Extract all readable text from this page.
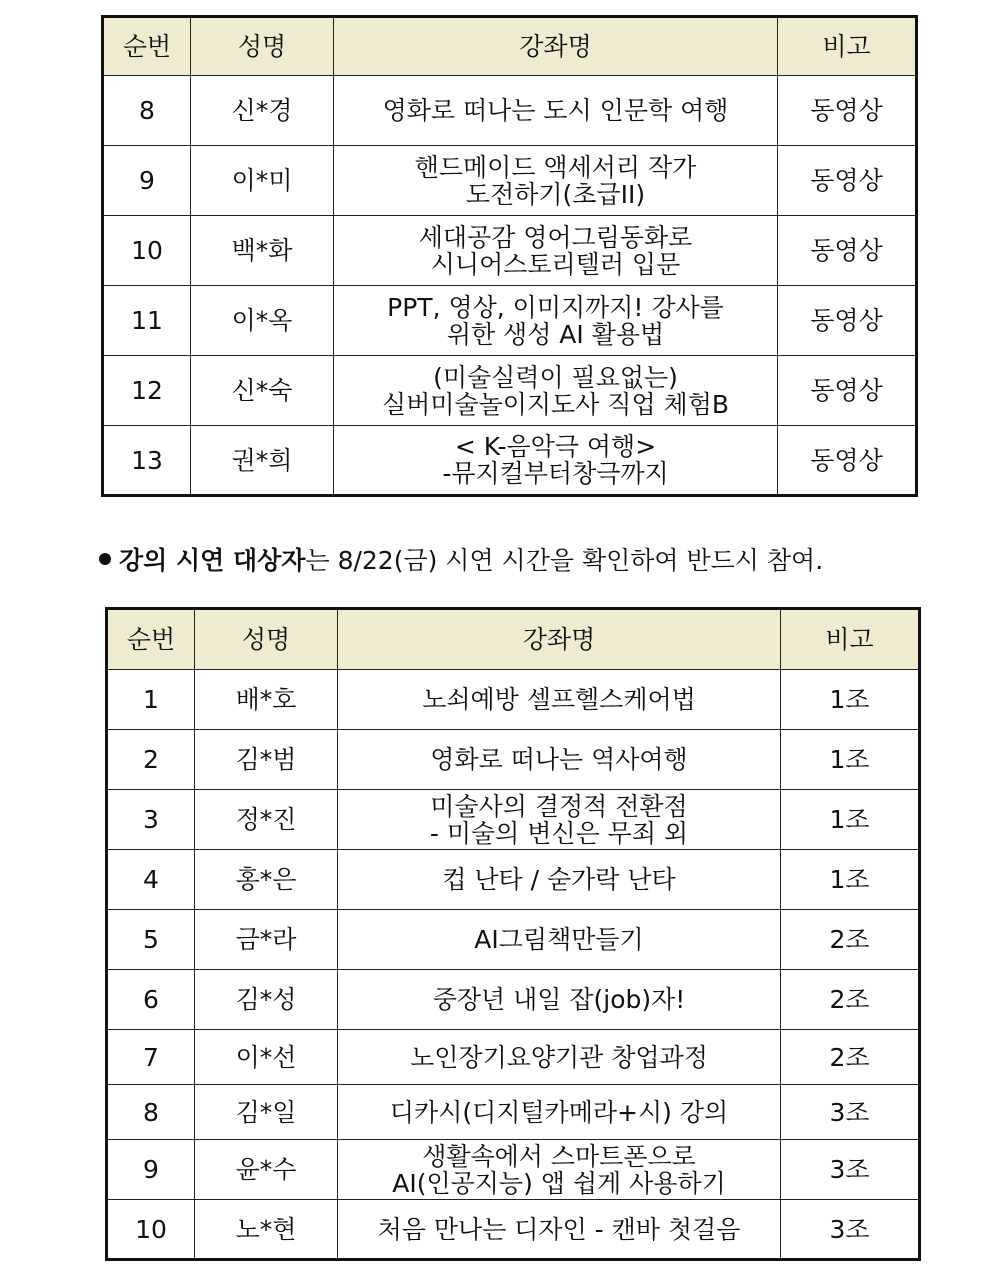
순번	성명	강좌명	비고
8	신*경	영화로 떠나는 도시 인문학 여행	동영상
9	이*미	핸드메이드 액세서리 작가
도전하기(초급II)	동영상
10	백*화	세대공감 영어그림동화로
시니어스토리텔러 입문	동영상
11	이*옥	PPT, 영상, 이미지까지! 강사를
위한 생성 AI 활용법	동영상
12	신*숙	(미술실력이 필요없는)
실버미술놀이지도사 직업 체험B	동영상
13	권*희	< K-음악극 여행>
-뮤지컬부터창극까지	동영상
강의 시연 대상자는 8/22(금) 시연 시간을 확인하여 반드시 참여.
순번	성명	강좌명	비고
1	배*호	노쇠예방 셀프헬스케어법	1조
2	김*범	영화로 떠나는 역사여행	1조
3	정*진	미술사의 결정적 전환점
- 미술의 변신은 무죄 외	1조
4	홍*은	컵 난타 / 숟가락 난타	1조
5	금*라	AI그림책만들기	2조
6	김*성	중장년 내일 잡(job)자!	2조
7	이*선	노인장기요양기관 창업과정	2조
8	김*일	디카시(디지털카메라+시) 강의	3조
9	윤*수	생활속에서 스마트폰으로
AI(인공지능) 앱 쉽게 사용하기	3조
10	노*현	처음 만나는 디자인 - 캔바 첫걸음	3조
